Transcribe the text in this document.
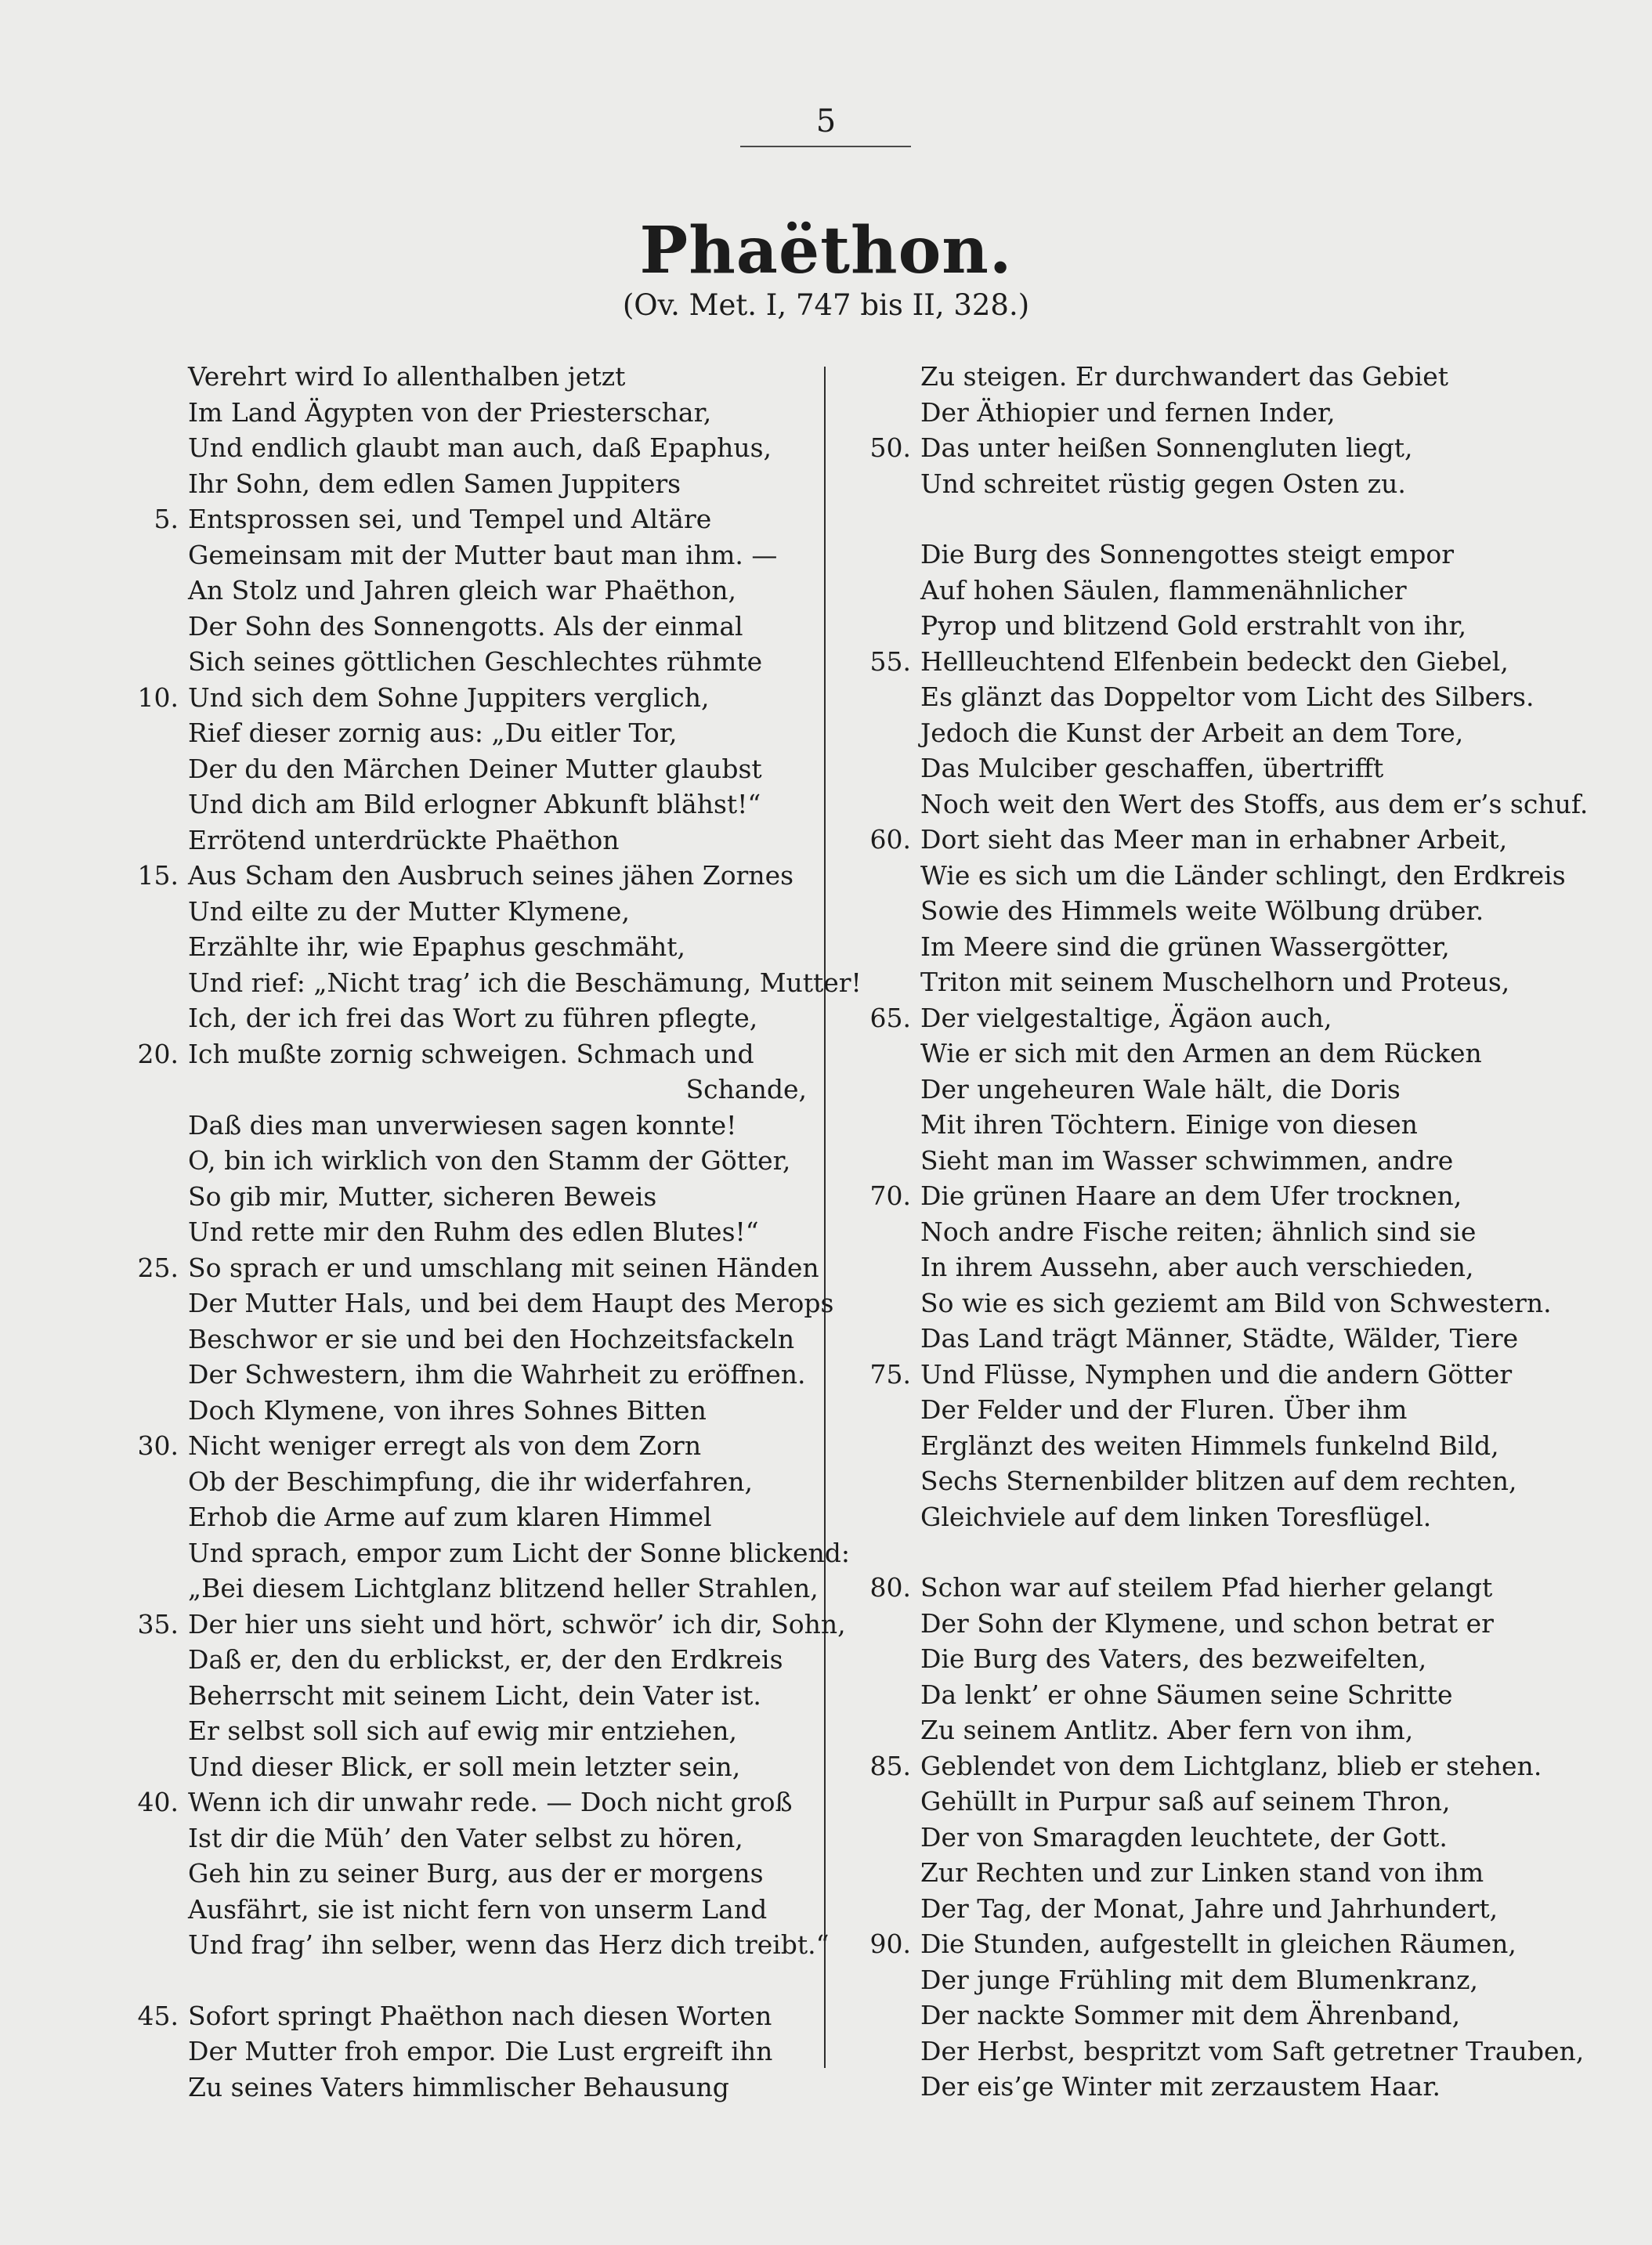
5
Phaëthon.
(Ov. Met. I, 747 bis II, 328.)
Verehrt wird Io allenthalben jetzt
Im Land Ägypten von der Priesterschar,
Und endlich glaubt man auch, daß Epaphus,
Ihr Sohn, dem edlen Samen Juppiters
5. Entsprossen sei, und Tempel und Altäre
Gemeinsam mit der Mutter baut man ihm. —
An Stolz und Jahren gleich war Phaëthon,
Der Sohn des Sonnengotts. Als der einmal
Sich seines göttlichen Geschlechtes rühmte
10. Und sich dem Sohne Juppiters verglich,
Rief dieser zornig aus: „Du eitler Tor,
Der du den Märchen Deiner Mutter glaubst
Und dich am Bild erlogner Abkunft blähst!“
Errötend unterdrückte Phaëthon
15. Aus Scham den Ausbruch seines jähen Zornes
Und eilte zu der Mutter Klymene,
Erzählte ihr, wie Epaphus geschmäht,
Und rief: „Nicht trag’ ich die Beschämung, Mutter!
Ich, der ich frei das Wort zu führen pflegte,
20. Ich mußte zornig schweigen. Schmach und
Schande,
Daß dies man unverwiesen sagen konnte!
O, bin ich wirklich von den Stamm der Götter,
So gib mir, Mutter, sicheren Beweis
Und rette mir den Ruhm des edlen Blutes!“
25. So sprach er und umschlang mit seinen Händen
Der Mutter Hals, und bei dem Haupt des Merops
Beschwor er sie und bei den Hochzeitsfackeln
Der Schwestern, ihm die Wahrheit zu eröffnen.
Doch Klymene, von ihres Sohnes Bitten
30. Nicht weniger erregt als von dem Zorn
Ob der Beschimpfung, die ihr widerfahren,
Erhob die Arme auf zum klaren Himmel
Und sprach, empor zum Licht der Sonne blickend:
„Bei diesem Lichtglanz blitzend heller Strahlen,
35. Der hier uns sieht und hört, schwör’ ich dir, Sohn,
Daß er, den du erblickst, er, der den Erdkreis
Beherrscht mit seinem Licht, dein Vater ist.
Er selbst soll sich auf ewig mir entziehen,
Und dieser Blick, er soll mein letzter sein,
40. Wenn ich dir unwahr rede. — Doch nicht groß
Ist dir die Müh’ den Vater selbst zu hören,
Geh hin zu seiner Burg, aus der er morgens
Ausfährt, sie ist nicht fern von unserm Land
Und frag’ ihn selber, wenn das Herz dich treibt.“
45. Sofort springt Phaëthon nach diesen Worten
Der Mutter froh empor. Die Lust ergreift ihn
Zu seines Vaters himmlischer Behausung
Zu steigen. Er durchwandert das Gebiet
Der Äthiopier und fernen Inder,
50. Das unter heißen Sonnengluten liegt,
Und schreitet rüstig gegen Osten zu.
Die Burg des Sonnengottes steigt empor
Auf hohen Säulen, flammenähnlicher
Pyrop und blitzend Gold erstrahlt von ihr,
55. Hellleuchtend Elfenbein bedeckt den Giebel,
Es glänzt das Doppeltor vom Licht des Silbers.
Jedoch die Kunst der Arbeit an dem Tore,
Das Mulciber geschaffen, übertrifft
Noch weit den Wert des Stoffs, aus dem er’s schuf.
60. Dort sieht das Meer man in erhabner Arbeit,
Wie es sich um die Länder schlingt, den Erdkreis
Sowie des Himmels weite Wölbung drüber.
Im Meere sind die grünen Wassergötter,
Triton mit seinem Muschelhorn und Proteus,
65. Der vielgestaltige, Ägäon auch,
Wie er sich mit den Armen an dem Rücken
Der ungeheuren Wale hält, die Doris
Mit ihren Töchtern. Einige von diesen
Sieht man im Wasser schwimmen, andre
70. Die grünen Haare an dem Ufer trocknen,
Noch andre Fische reiten; ähnlich sind sie
In ihrem Aussehn, aber auch verschieden,
So wie es sich geziemt am Bild von Schwestern.
Das Land trägt Männer, Städte, Wälder, Tiere
75. Und Flüsse, Nymphen und die andern Götter
Der Felder und der Fluren. Über ihm
Erglänzt des weiten Himmels funkelnd Bild,
Sechs Sternenbilder blitzen auf dem rechten,
Gleichviele auf dem linken Toresflügel.
80. Schon war auf steilem Pfad hierher gelangt
Der Sohn der Klymene, und schon betrat er
Die Burg des Vaters, des bezweifelten,
Da lenkt’ er ohne Säumen seine Schritte
Zu seinem Antlitz. Aber fern von ihm,
85. Geblendet von dem Lichtglanz, blieb er stehen.
Gehüllt in Purpur saß auf seinem Thron,
Der von Smaragden leuchtete, der Gott.
Zur Rechten und zur Linken stand von ihm
Der Tag, der Monat, Jahre und Jahrhundert,
90. Die Stunden, aufgestellt in gleichen Räumen,
Der junge Frühling mit dem Blumenkranz,
Der nackte Sommer mit dem Ährenband,
Der Herbst, bespritzt vom Saft getretner Trauben,
Der eis’ge Winter mit zerzaustem Haar.
